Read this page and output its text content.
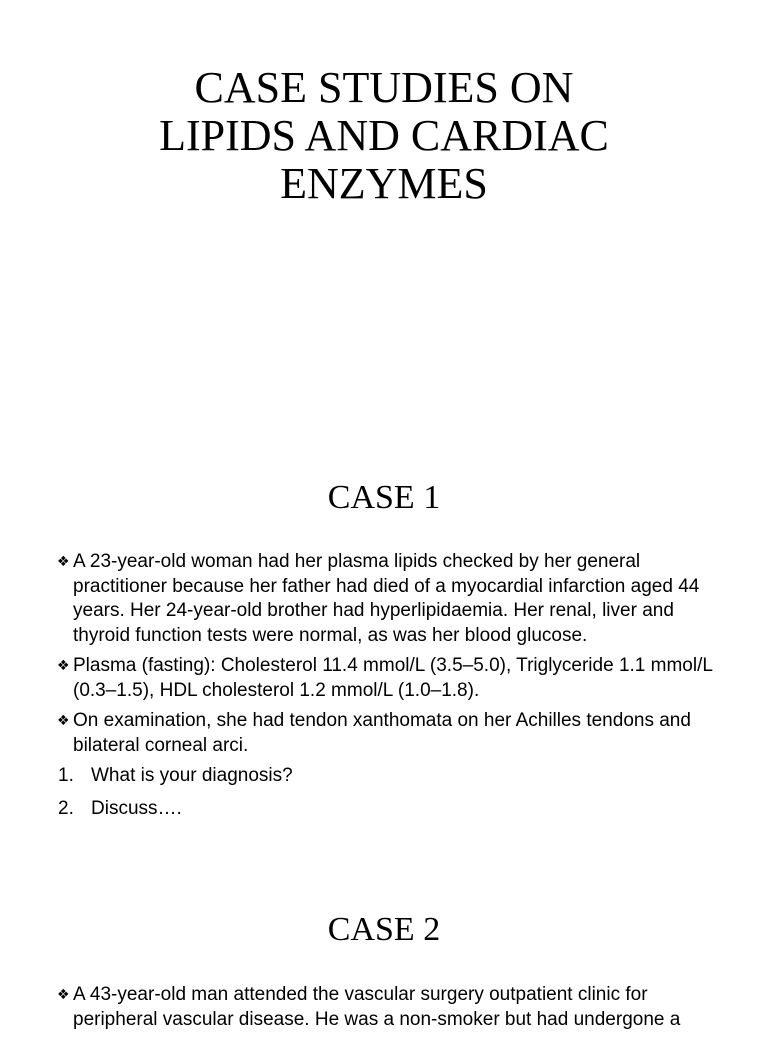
CASE STUDIES ON
LIPIDS AND CARDIAC
ENZYMES
CASE 1

❖ A 23-year-old woman had her plasma lipids checked by her general practitioner because her father had died of a myocardial infarction aged 44 years. Her 24-year-old brother had hyperlipidaemia. Her renal, liver and thyroid function tests were normal, as was her blood glucose.

❖ Plasma (fasting): Cholesterol 11.4 mmol/L (3.5–5.0), Triglyceride 1.1 mmol/L (0.3–1.5), HDL cholesterol 1.2 mmol/L (1.0–1.8).

❖ On examination, she had tendon xanthomata on her Achilles tendons and bilateral corneal arci.

1. What is your diagnosis?

2. Discuss….

CASE 2

❖ A 43-year-old man attended the vascular surgery outpatient clinic for peripheral vascular disease. He was a non-smoker but had undergone a
